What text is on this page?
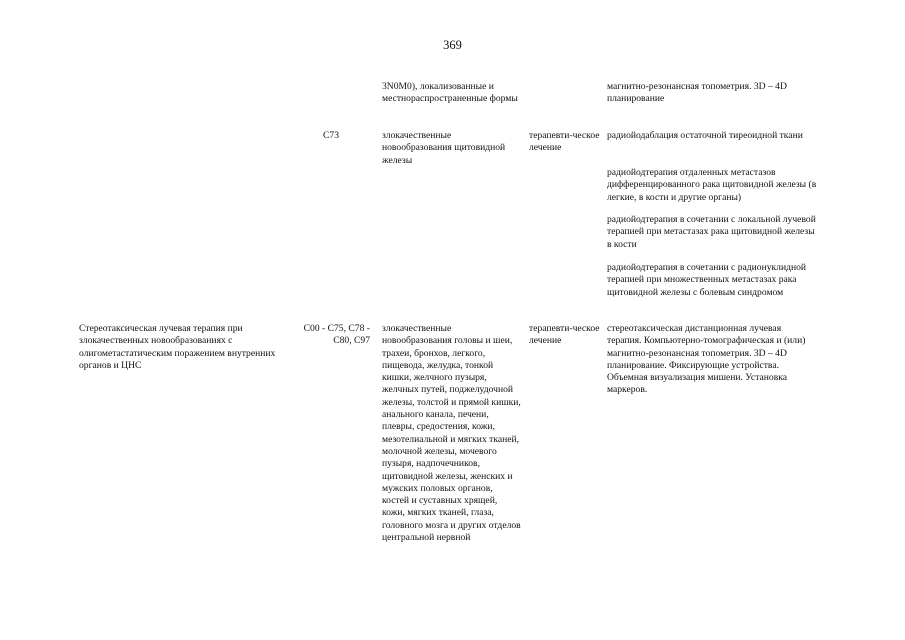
369
3N0M0), локализованные и местнораспространенные формы
магнитно-резонансная топометрия. 3D – 4D планирование
C73	злокачественные новообразования щитовидной железы
терапевти-ческое лечение
радиойодаблация остаточной тиреоидной ткани
радиойодтерапия отдаленных метастазов дифференцированного рака щитовидной железы (в легкие, в кости и другие органы)
радиойодтерапия в сочетании с локальной лучевой терапией при метастазах рака щитовидной железы в кости
радиойодтерапия в сочетании с радионуклидной терапией при множественных метастазах рака щитовидной железы с болевым синдромом
Стереотаксическая лучевая терапия при злокачественных новообразованиях с олигометастатическим поражением внутренних органов и ЦНС
C00 - C75, C78 - C80, C97
злокачественные новообразования головы и шеи, трахеи, бронхов, легкого, пищевода, желудка, тонкой кишки, желчного пузыря, желчных путей, поджелудочной железы, толстой и прямой кишки, анального канала, печени, плевры, средостения, кожи, мезотелиальной и мягких тканей, молочной железы, мочевого пузыря, надпочечников, щитовидной железы, женских и мужских половых органов, костей и суставных хрящей, кожи, мягких тканей, глаза, головного мозга и других отделов центральной нервной
терапевти-ческое лечение
стереотаксическая дистанционная лучевая терапия. Компьютерно-томографическая и (или) магнитно-резонансная топометрия. 3D – 4D планирование. Фиксирующие устройства. Объемная визуализация мишени. Установка маркеров.
